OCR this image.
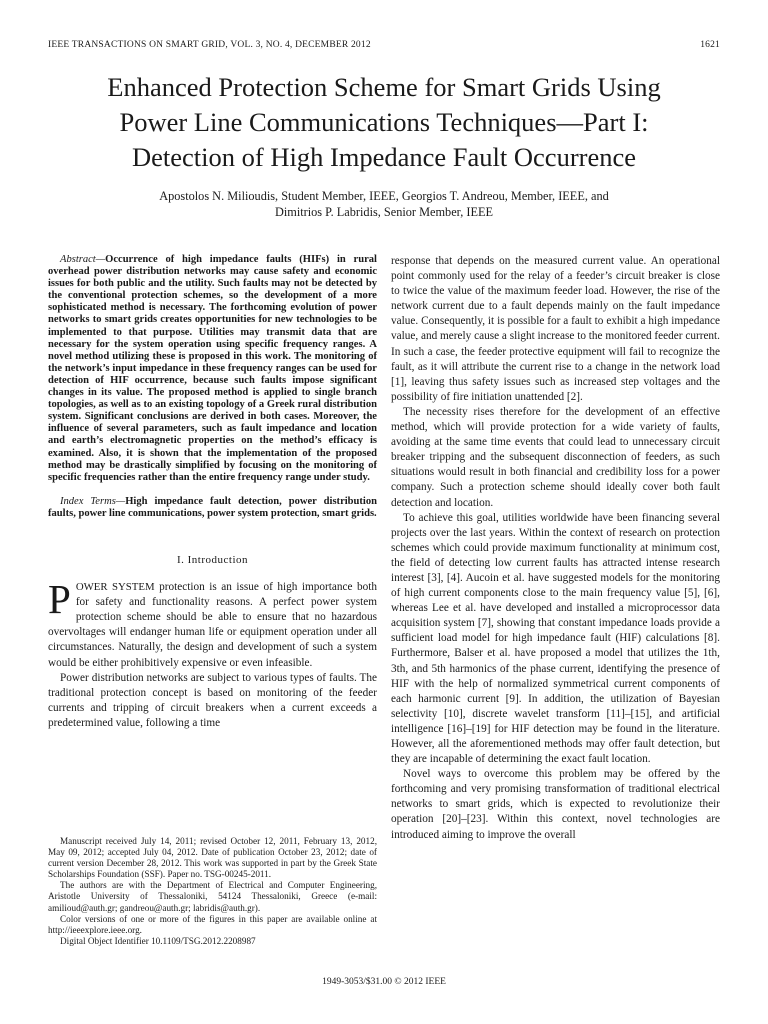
IEEE TRANSACTIONS ON SMART GRID, VOL. 3, NO. 4, DECEMBER 2012	1621
Enhanced Protection Scheme for Smart Grids Using
Power Line Communications Techniques—Part I:
Detection of High Impedance Fault Occurrence
Apostolos N. Milioudis, Student Member, IEEE, Georgios T. Andreou, Member, IEEE, and
Dimitrios P. Labridis, Senior Member, IEEE

Abstract—Occurrence of high impedance faults (HIFs) in rural overhead power distribution networks may cause safety and economic issues for both public and the utility. Such faults may not be detected by the conventional protection schemes, so the development of a more sophisticated method is necessary. The forthcoming evolution of power networks to smart grids creates opportunities for new technologies to be implemented to that purpose. Utilities may transmit data that are necessary for the system operation using specific frequency ranges. A novel method utilizing these is proposed in this work. The monitoring of the network’s input impedance in these frequency ranges can be used for detection of HIF occurrence, because such faults impose significant changes in its value. The proposed method is applied to single branch topologies, as well as to an existing topology of a Greek rural distribution system. Significant conclusions are derived in both cases. Moreover, the influence of several parameters, such as fault impedance and location and earth’s electromagnetic properties on the method’s efficacy is examined. Also, it is shown that the implementation of the proposed method may be drastically simplified by focusing on the monitoring of specific frequencies rather than the entire frequency range under study.

Index Terms—High impedance fault detection, power distribution faults, power line communications, power system protection, smart grids.

I. Introduction

POWER SYSTEM protection is an issue of high importance both for safety and functionality reasons. A perfect power system protection scheme should be able to ensure that no hazardous overvoltages will endanger human life or equipment operation under all circumstances. Naturally, the design and development of such a system would be either prohibitively expensive or even infeasible.

Power distribution networks are subject to various types of faults. The traditional protection concept is based on monitoring of the feeder currents and tripping of circuit breakers when a current exceeds a predetermined value, following a time

Manuscript received July 14, 2011; revised October 12, 2011, February 13, 2012, May 09, 2012; accepted July 04, 2012. Date of publication October 23, 2012; date of current version December 28, 2012. This work was supported in part by the Greek State Scholarships Foundation (SSF). Paper no. TSG-00245-2011.

The authors are with the Department of Electrical and Computer Engineering, Aristotle University of Thessaloniki, 54124 Thessaloniki, Greece (e-mail: amilioud@auth.gr; gandreou@auth.gr; labridis@auth.gr).

Color versions of one or more of the figures in this paper are available online at http://ieeexplore.ieee.org.

Digital Object Identifier 10.1109/TSG.2012.2208987

response that depends on the measured current value. An operational point commonly used for the relay of a feeder’s circuit breaker is close to twice the value of the maximum feeder load. However, the rise of the network current due to a fault depends mainly on the fault impedance value. Consequently, it is possible for a fault to exhibit a high impedance value, and merely cause a slight increase to the monitored feeder current. In such a case, the feeder protective equipment will fail to recognize the fault, as it will attribute the current rise to a change in the network load [1], leaving thus safety issues such as increased step voltages and the possibility of fire initiation unattended [2].

The necessity rises therefore for the development of an effective method, which will provide protection for a wide variety of faults, avoiding at the same time events that could lead to unnecessary circuit breaker tripping and the subsequent disconnection of feeders, as such situations would result in both financial and credibility loss for a power company. Such a protection scheme should ideally cover both fault detection and location.

To achieve this goal, utilities worldwide have been financing several projects over the last years. Within the context of research on protection schemes which could provide maximum functionality at minimum cost, the field of detecting low current faults has attracted intense research interest [3], [4]. Aucoin et al. have suggested models for the monitoring of high current components close to the main frequency value [5], [6], whereas Lee et al. have developed and installed a microprocessor data acquisition system [7], showing that constant impedance loads provide a sufficient load model for high impedance fault (HIF) calculations [8]. Furthermore, Balser et al. have proposed a model that utilizes the 1th, 3th, and 5th harmonics of the phase current, identifying the presence of HIF with the help of normalized symmetrical current components of each harmonic current [9]. In addition, the utilization of Bayesian selectivity [10], discrete wavelet transform [11]–[15], and artificial intelligence [16]–[19] for HIF detection may be found in the literature. However, all the aforementioned methods may offer fault detection, but they are incapable of determining the exact fault location.

Novel ways to overcome this problem may be offered by the forthcoming and very promising transformation of traditional electrical networks to smart grids, which is expected to revolutionize their operation [20]–[23]. Within this context, novel technologies are introduced aiming to improve the overall

1949-3053/$31.00 © 2012 IEEE
